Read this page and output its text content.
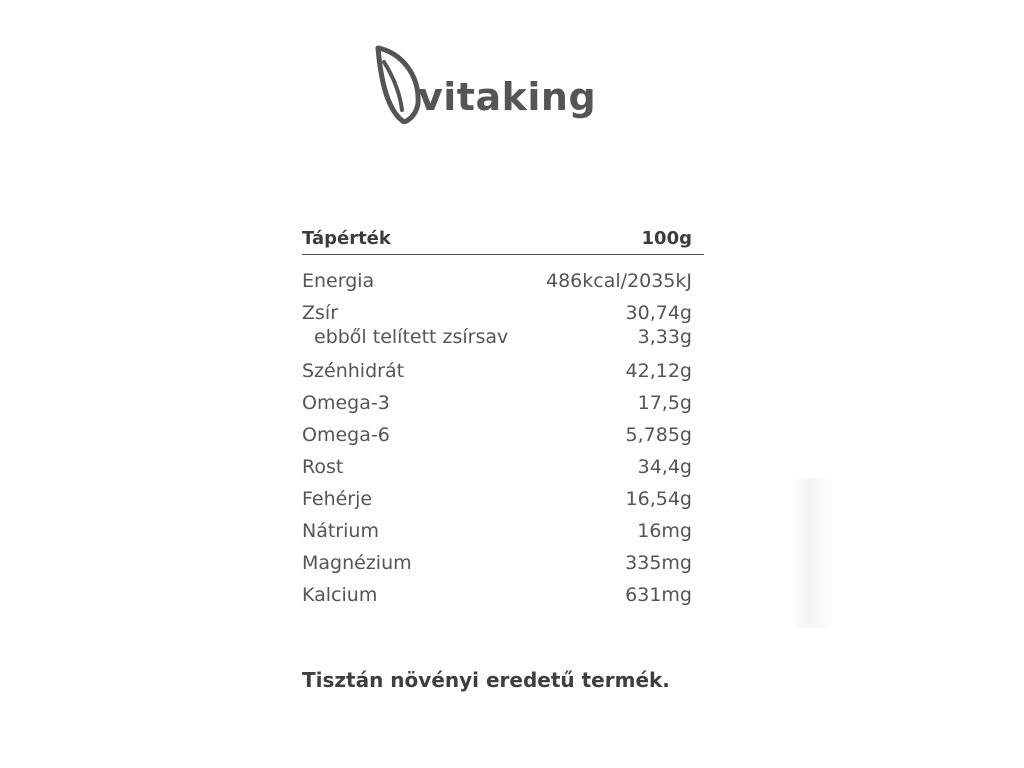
vitaking
Tápérték	100g
Energia	486kcal/2035kJ
Zsír	30,74g
ebből telített zsírsav	3,33g
Szénhidrát	42,12g
Omega-3	17,5g
Omega-6	5,785g
Rost	34,4g
Fehérje	16,54g
Nátrium	16mg
Magnézium	335mg
Kalcium	631mg
Tisztán növényi eredetű termék.
